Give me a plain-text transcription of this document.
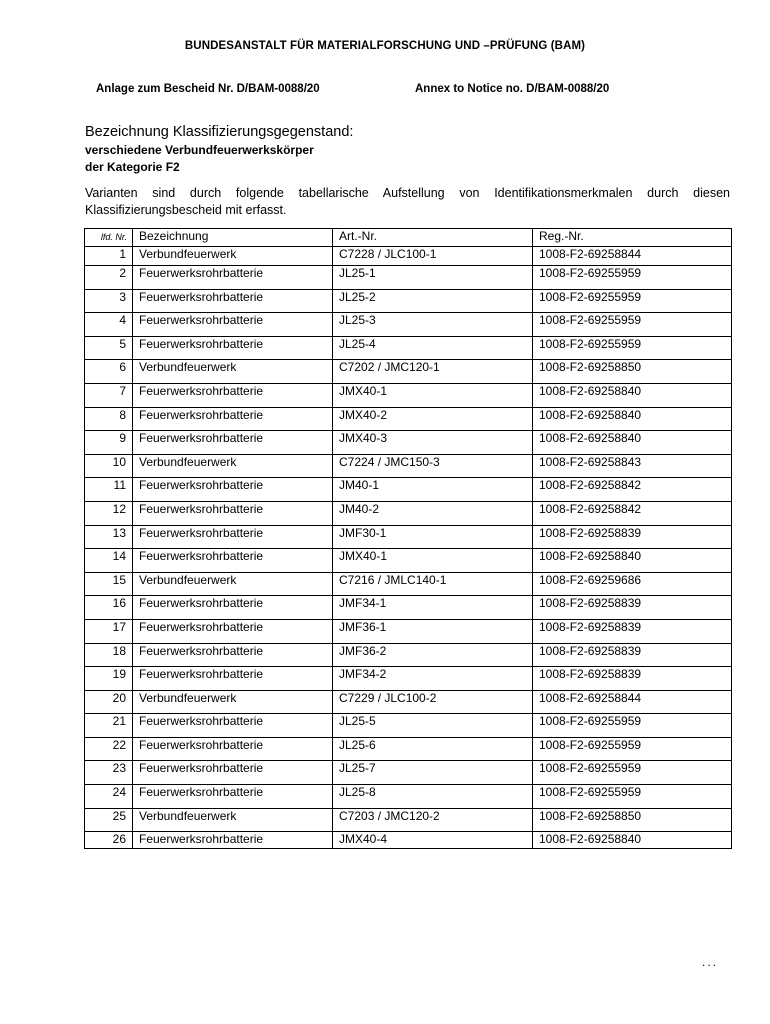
BUNDESANSTALT FÜR MATERIALFORSCHUNG UND –PRÜFUNG (BAM)
Anlage zum Bescheid Nr. D/BAM-0088/20	Annex to Notice no. D/BAM-0088/20
Bezeichnung Klassifizierungsgegenstand:
verschiedene Verbundfeuerwerkskörper
der Kategorie F2
Varianten sind durch folgende tabellarische Aufstellung von Identifikationsmerkmalen durch diesen Klassifizierungsbescheid mit erfasst.
lfd. Nr.	Bezeichnung	Art.-Nr.	Reg.-Nr.
1	Verbundfeuerwerk	C7228 / JLC100-1	1008-F2-69258844
2	Feuerwerksrohrbatterie	JL25-1	1008-F2-69255959
3	Feuerwerksrohrbatterie	JL25-2	1008-F2-69255959
4	Feuerwerksrohrbatterie	JL25-3	1008-F2-69255959
5	Feuerwerksrohrbatterie	JL25-4	1008-F2-69255959
6	Verbundfeuerwerk	C7202 / JMC120-1	1008-F2-69258850
7	Feuerwerksrohrbatterie	JMX40-1	1008-F2-69258840
8	Feuerwerksrohrbatterie	JMX40-2	1008-F2-69258840
9	Feuerwerksrohrbatterie	JMX40-3	1008-F2-69258840
10	Verbundfeuerwerk	C7224 / JMC150-3	1008-F2-69258843
11	Feuerwerksrohrbatterie	JM40-1	1008-F2-69258842
12	Feuerwerksrohrbatterie	JM40-2	1008-F2-69258842
13	Feuerwerksrohrbatterie	JMF30-1	1008-F2-69258839
14	Feuerwerksrohrbatterie	JMX40-1	1008-F2-69258840
15	Verbundfeuerwerk	C7216 / JMLC140-1	1008-F2-69259686
16	Feuerwerksrohrbatterie	JMF34-1	1008-F2-69258839
17	Feuerwerksrohrbatterie	JMF36-1	1008-F2-69258839
18	Feuerwerksrohrbatterie	JMF36-2	1008-F2-69258839
19	Feuerwerksrohrbatterie	JMF34-2	1008-F2-69258839
20	Verbundfeuerwerk	C7229 / JLC100-2	1008-F2-69258844
21	Feuerwerksrohrbatterie	JL25-5	1008-F2-69255959
22	Feuerwerksrohrbatterie	JL25-6	1008-F2-69255959
23	Feuerwerksrohrbatterie	JL25-7	1008-F2-69255959
24	Feuerwerksrohrbatterie	JL25-8	1008-F2-69255959
25	Verbundfeuerwerk	C7203 / JMC120-2	1008-F2-69258850
26	Feuerwerksrohrbatterie	JMX40-4	1008-F2-69258840
...
